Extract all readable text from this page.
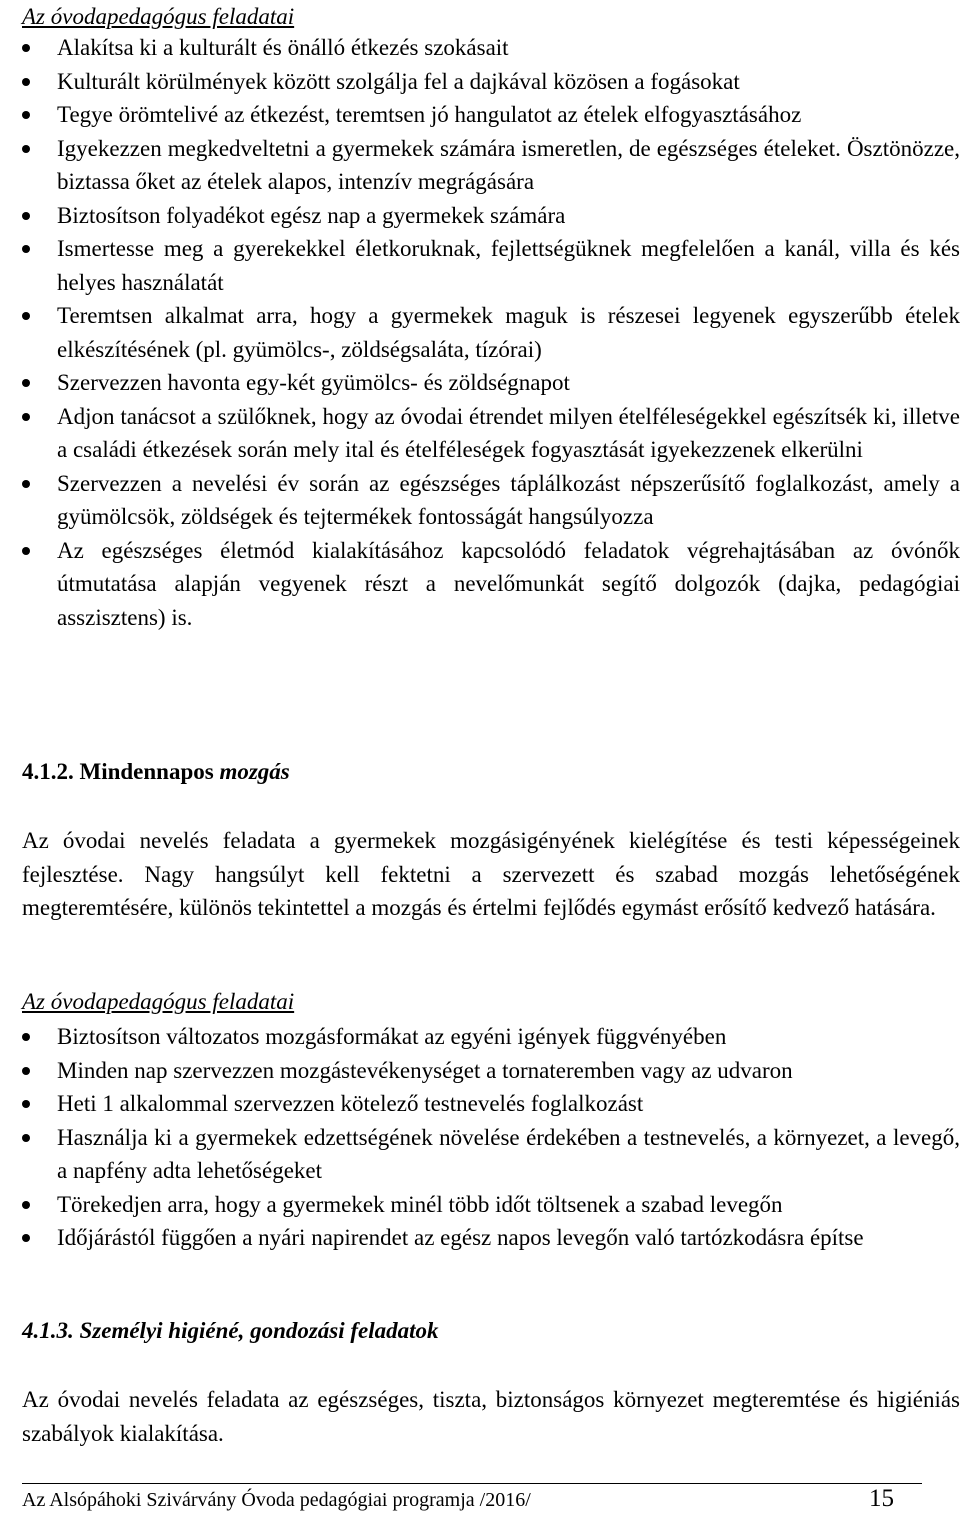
Az óvodapedagógus feladatai

Alakítsa ki a kulturált és önálló étkezés szokásait
Kulturált körülmények között szolgálja fel a dajkával közösen a fogásokat
Tegye örömtelivé az étkezést, teremtsen jó hangulatot az ételek elfogyasztásához
Igyekezzen megkedveltetni a gyermekek számára ismeretlen, de egészséges ételeket. Ösztönözze, biztassa őket az ételek alapos, intenzív megrágására
Biztosítson folyadékot egész nap a gyermekek számára
Ismertesse meg a gyerekekkel életkoruknak, fejlettségüknek megfelelően a kanál, villa és kés helyes használatát
Teremtsen alkalmat arra, hogy a gyermekek maguk is részesei legyenek egyszerűbb ételek elkészítésének (pl. gyümölcs-, zöldségsaláta, tízórai)
Szervezzen havonta egy-két gyümölcs- és zöldségnapot
Adjon tanácsot a szülőknek, hogy az óvodai étrendet milyen ételféleségekkel egészítsék ki, illetve a családi étkezések során mely ital és ételféleségek fogyasztását igyekezzenek elkerülni
Szervezzen a nevelési év során az egészséges táplálkozást népszerűsítő foglalkozást, amely a gyümölcsök, zöldségek és tejtermékek fontosságát hangsúlyozza
Az egészséges életmód kialakításához kapcsolódó feladatok végrehajtásában az óvónők útmutatása alapján vegyenek részt a nevelőmunkát segítő dolgozók (dajka, pedagógiai asszisztens) is.

4.1.2. Mindennapos mozgás

Az óvodai nevelés feladata a gyermekek mozgásigényének kielégítése és testi képességeinek fejlesztése. Nagy hangsúlyt kell fektetni a szervezett és szabad mozgás lehetőségének megteremtésére, különös tekintettel a mozgás és értelmi fejlődés egymást erősítő kedvező hatására.

Az óvodapedagógus feladatai

Biztosítson változatos mozgásformákat az egyéni igények függvényében
Minden nap szervezzen mozgástevékenységet a tornateremben vagy az udvaron
Heti 1 alkalommal szervezzen kötelező testnevelés foglalkozást
Használja ki a gyermekek edzettségének növelése érdekében a testnevelés, a környezet, a levegő, a napfény adta lehetőségeket
Törekedjen arra, hogy a gyermekek minél több időt töltsenek a szabad levegőn
Időjárástól függően a nyári napirendet az egész napos levegőn való tartózkodásra építse

4.1.3. Személyi higiéné, gondozási feladatok

Az óvodai nevelés feladata az egészséges, tiszta, biztonságos környezet megteremtése és higiéniás szabályok kialakítása.

Az Alsópáhoki Szivárvány Óvoda pedagógiai programja /2016/	15
